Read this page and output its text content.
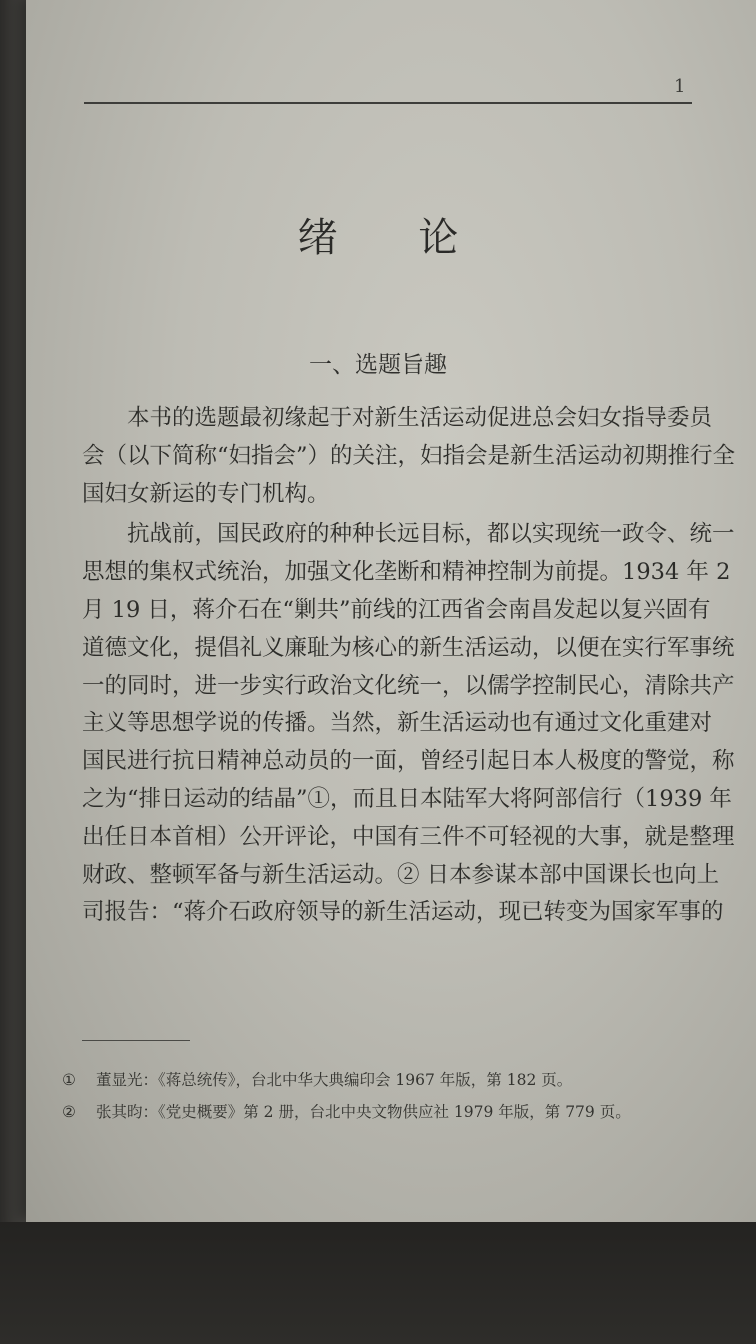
1
绪 论
一、选题旨趣
　　本书的选题最初缘起于对新生活运动促进总会妇女指导委员
会（以下简称“妇指会”）的关注，妇指会是新生活运动初期推行全
国妇女新运的专门机构。
　　抗战前，国民政府的种种长远目标，都以实现统一政令、统一
思想的集权式统治，加强文化垄断和精神控制为前提。1934 年 2
月 19 日，蒋介石在“剿共”前线的江西省会南昌发起以复兴固有
道德文化，提倡礼义廉耻为核心的新生活运动，以便在实行军事统
一的同时，进一步实行政治文化统一，以儒学控制民心，清除共产
主义等思想学说的传播。当然，新生活运动也有通过文化重建对
国民进行抗日精神总动员的一面，曾经引起日本人极度的警觉，称
之为“排日运动的结晶”①，而且日本陆军大将阿部信行（1939 年
出任日本首相）公开评论，中国有三件不可轻视的大事，就是整理
财政、整顿军备与新生活运动。② 日本参谋本部中国课长也向上
司报告：“蒋介石政府领导的新生活运动，现已转变为国家军事的
① 董显光：《蒋总统传》，台北中华大典编印会 1967 年版，第 182 页。
② 张其昀：《党史概要》第 2 册，台北中央文物供应社 1979 年版，第 779 页。
